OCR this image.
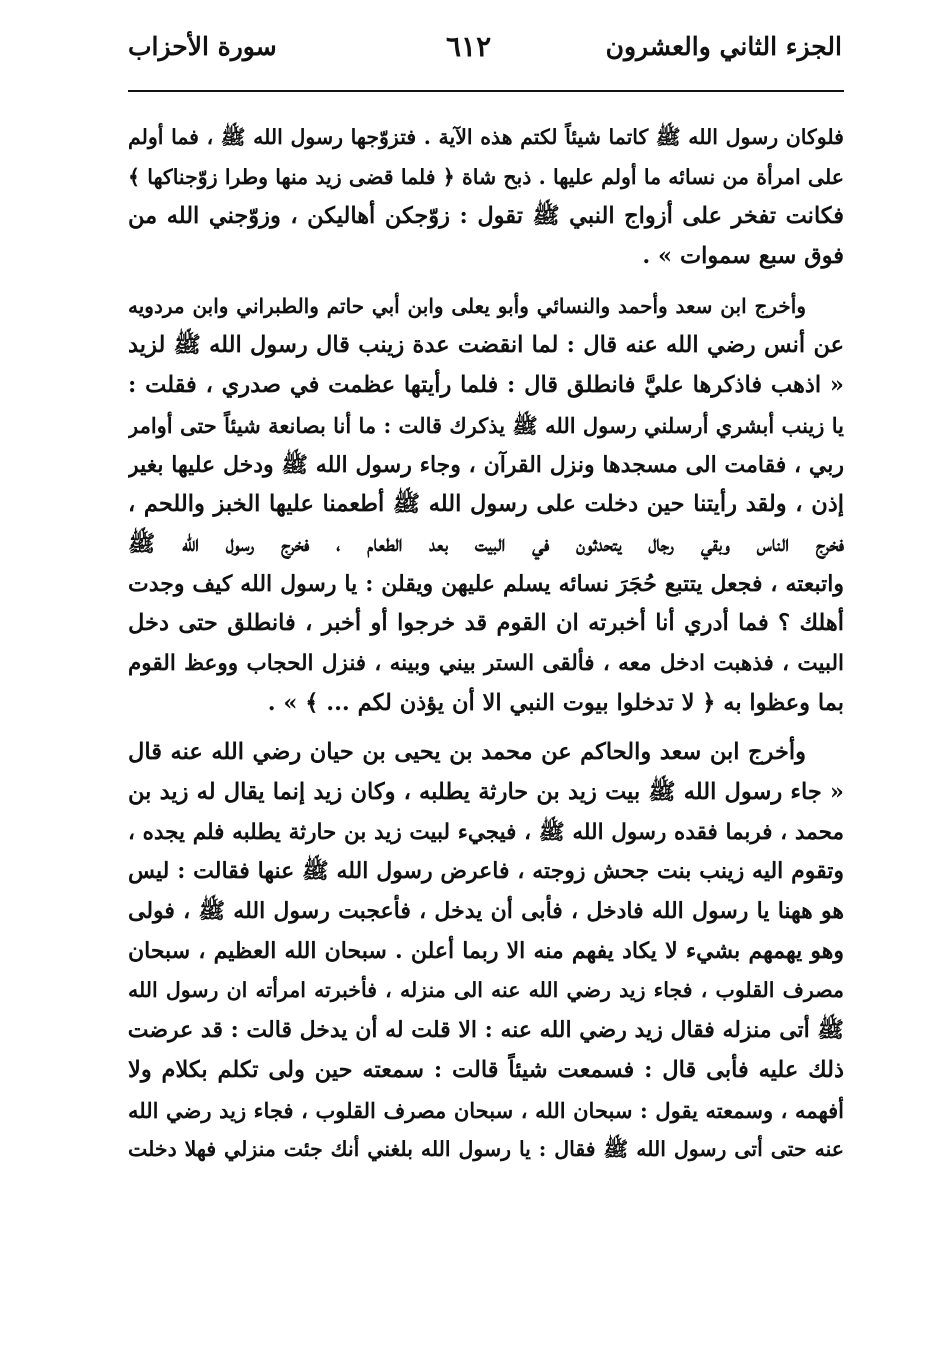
الجزء الثاني والعشرون
٦١٢
سورة الأحزاب
فلوكان رسول الله ﷺ كاتما شيئاً لكتم هذه الآية . فتزوّجها رسول الله ﷺ ، فما أولم
على امرأة من نسائه ما أولم عليها . ذبح شاة ﴿ فلما قضى زيد منها وطرا زوّجناكها ﴾
فكانت تفخر على أزواج النبي ﷺ تقول : زوّجكن أهاليكن ، وزوّجني الله من
فوق سبع سموات » .
وأخرج ابن سعد وأحمد والنسائي وأبو يعلى وابن أبي حاتم والطبراني وابن مردويه
عن أنس رضي الله عنه قال : لما انقضت عدة زينب قال رسول الله ﷺ لزيد
« اذهب فاذكرها عليَّ فانطلق قال : فلما رأيتها عظمت في صدري ، فقلت :
يا زينب أبشري أرسلني رسول الله ﷺ يذكرك قالت : ما أنا بصانعة شيئاً حتى أوامر
ربي ، فقامت الى مسجدها ونزل القرآن ، وجاء رسول الله ﷺ ودخل عليها بغير
إذن ، ولقد رأيتنا حين دخلت على رسول الله ﷺ أطعمنا عليها الخبز واللحم ،
فخرج الناس وبقي رجال يتحدثون في البيت بعد الطعام ، فخرج رسول الله ﷺ
واتبعته ، فجعل يتتبع حُجَرَ نسائه يسلم عليهن ويقلن : يا رسول الله كيف وجدت
أهلك ؟ فما أدري أنا أخبرته ان القوم قد خرجوا أو أخبر ، فانطلق حتى دخل
البيت ، فذهبت ادخل معه ، فألقى الستر بيني وبينه ، فنزل الحجاب ووعظ القوم
بما وعظوا به ﴿ لا تدخلوا بيوت النبي الا أن يؤذن لكم ... ﴾ » .
وأخرج ابن سعد والحاكم عن محمد بن يحيى بن حيان رضي الله عنه قال
« جاء رسول الله ﷺ بيت زيد بن حارثة يطلبه ، وكان زيد إنما يقال له زيد بن
محمد ، فربما فقده رسول الله ﷺ ، فيجيء لبيت زيد بن حارثة يطلبه فلم يجده ،
وتقوم اليه زينب بنت جحش زوجته ، فاعرض رسول الله ﷺ عنها فقالت : ليس
هو ههنا يا رسول الله فادخل ، فأبى أن يدخل ، فأعجبت رسول الله ﷺ ، فولى
وهو يهمهم بشيء لا يكاد يفهم منه الا ربما أعلن . سبحان الله العظيم ، سبحان
مصرف القلوب ، فجاء زيد رضي الله عنه الى منزله ، فأخبرته امرأته ان رسول الله
ﷺ أتى منزله فقال زيد رضي الله عنه : الا قلت له أن يدخل قالت : قد عرضت
ذلك عليه فأبى قال : فسمعت شيئاً قالت : سمعته حين ولى تكلم بكلام ولا
أفهمه ، وسمعته يقول : سبحان الله ، سبحان مصرف القلوب ، فجاء زيد رضي الله
عنه حتى أتى رسول الله ﷺ فقال : يا رسول الله بلغني أنك جئت منزلي فهلا دخلت
